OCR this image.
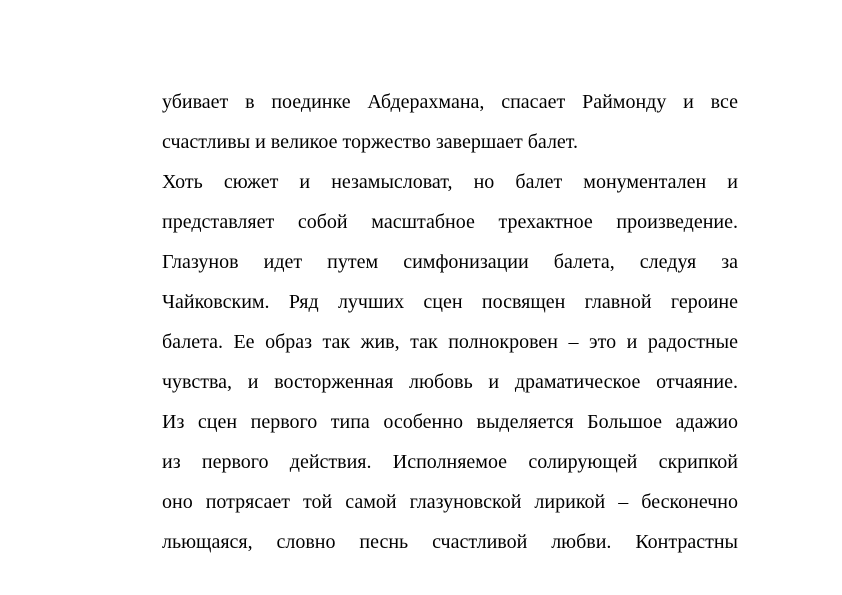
убивает в поединке Абдерахмана, спасает Раймонду и все
счастливы и великое торжество завершает балет.
Хоть сюжет и незамысловат, но балет монументален и
представляет собой масштабное трехактное произведение.
Глазунов идет путем симфонизации балета, следуя за
Чайковским. Ряд лучших сцен посвящен главной героине
балета. Ее образ так жив, так полнокровен – это и радостные
чувства, и восторженная любовь и драматическое отчаяние.
Из сцен первого типа особенно выделяется Большое адажио
из первого действия. Исполняемое солирующей скрипкой
оно потрясает той самой глазуновской лирикой – бесконечно
льющаяся, словно песнь счастливой любви. Контрастны
